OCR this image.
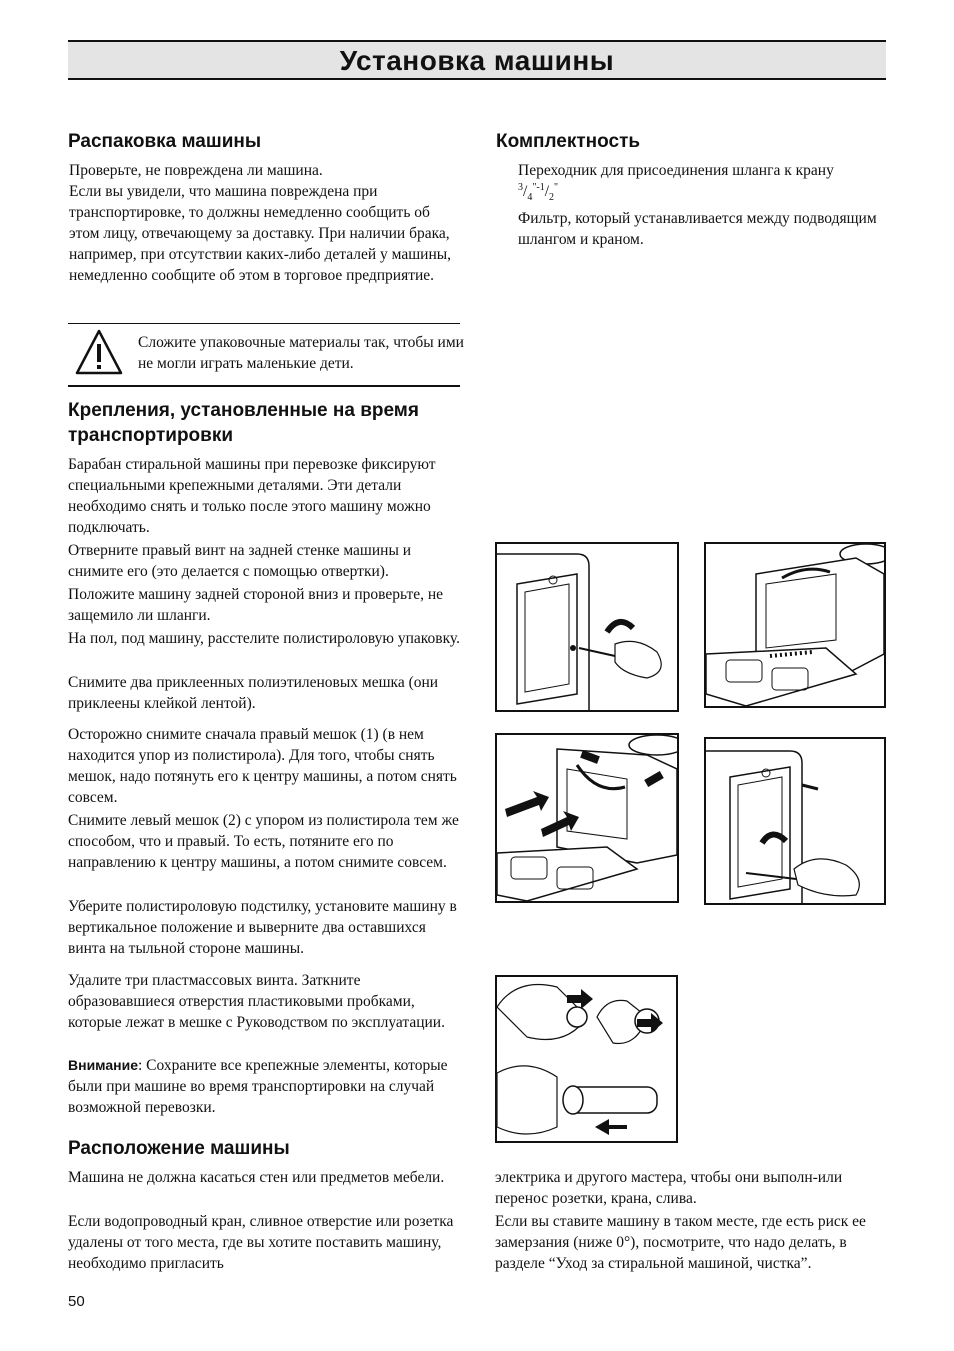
Установка машины
Распаковка машины

Проверьте, не повреждена ли машина.
Если вы увидели, что машина повреждена при транспортировке, то должны немедленно сообщить об этом лицу, отвечающему за доставку. При наличии брака, например, при отсутствии каких-либо деталей у машины, немедленно сообщите об этом в торговое предприятие.

Сложите упаковочные материалы так, чтобы ими не могли играть маленькие дети.

Крепления, установленные на время транспортировки

Барабан стиральной машины при перевозке фиксируют специальными крепежными деталями. Эти детали необходимо снять и только после этого машину можно подключать.

Отверните правый винт на задней стенке машины и снимите его (это делается с помощью отвертки).

Положите машину задней стороной вниз и проверьте, не защемило ли шланги.

На пол, под машину, расстелите полистироловую упаковку.

Снимите два приклеенных полиэтиленовых мешка (они приклеены клейкой лентой).

Осторожно снимите сначала правый мешок (1) (в нем находится упор из полистирола). Для того, чтобы снять мешок, надо потянуть его к центру машины, а потом снять совсем.

Снимите левый мешок (2) с упором из полистирола тем же способом, что и правый. То есть, потяните его по направлению к центру машины, а потом снимите совсем.

Уберите полистироловую подстилку, установите машину в вертикальное положение и выверните два оставшихся винта на тыльной стороне машины.

Удалите три пластмассовых винта. Заткните образовавшиеся отверстия пластиковыми пробками, которые лежат в мешке с Руководством по эксплуатации.

Внимание: Сохраните все крепежные элементы, которые были при машине во время транспортировки на случай возможной перевозки.

Расположение машины

Машина не должна касаться стен или предметов мебели.

Если водопроводный кран, сливное отверстие или розетка удалены от того места, где вы хотите поставить машину, необходимо пригласить

Комплектность

Переходник для присоединения шланга к крану
$^3/_4^{"-1}/_2^"$

Фильтр, который устанавливается между подводящим шлангом и краном.

электрика и другого мастера, чтобы они выполн-или перенос розетки, крана, слива.

Если вы ставите машину в таком месте, где есть риск ее замерзания (ниже 0°), посмотрите, что надо делать, в разделе “Уход за стиральной машиной, чистка”.

50
